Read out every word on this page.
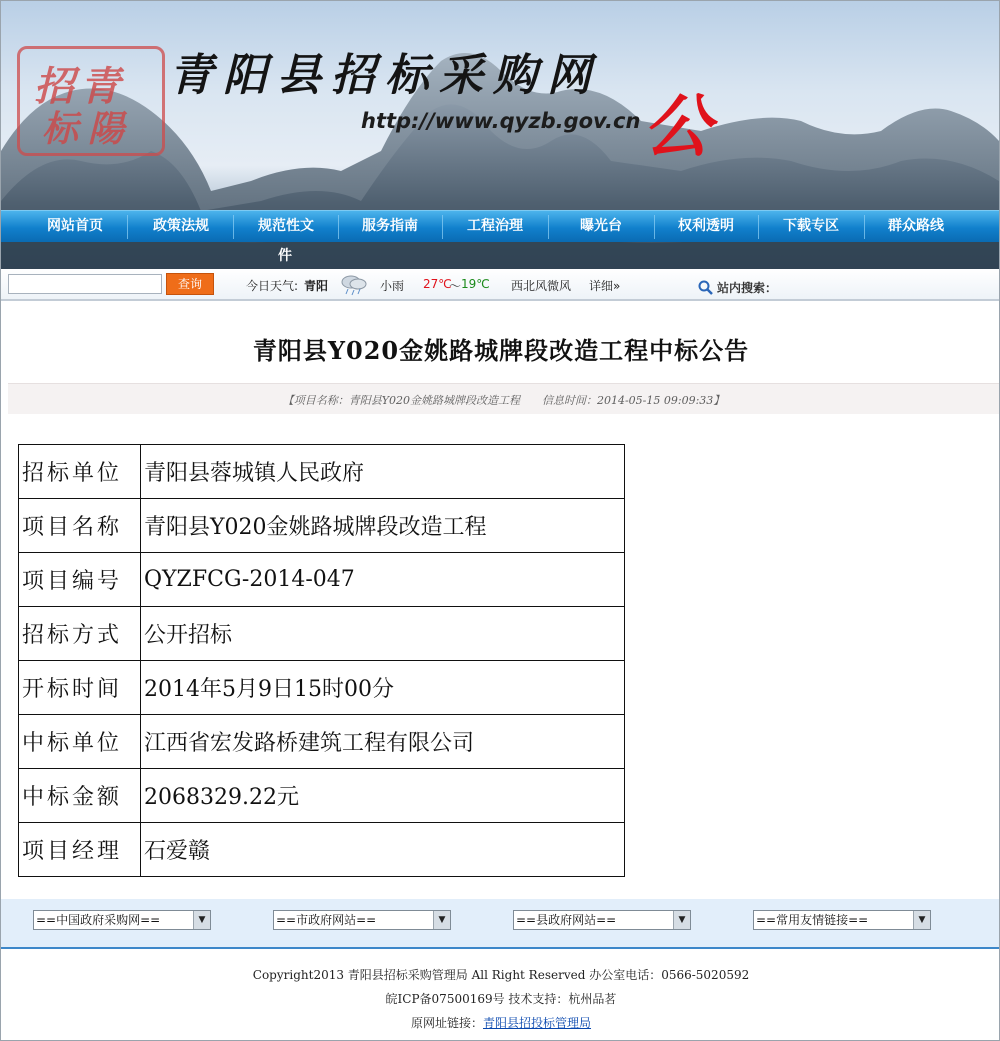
招青
标陽
青阳县招标采购网
http://www.qyzb.gov.cn 公
网站首页	政策法规	规范性文	服务指南	工程治理	曝光台	权利透明	下载专区	群众路线
件
查询	今日天气: 青阳	小雨 27℃
～ 19℃ 西北风微风 详细»	站内搜索：
青阳县Y020金姚路城牌段改造工程中标公告
【项目名称：青阳县Y020金姚路城牌段改造工程　　信息时间：2014-05-15 09:09:33】
招标单位	青阳县蓉城镇人民政府
项目名称	青阳县Y020金姚路城牌段改造工程
项目编号	QYZFCG-2014-047
招标方式	公开招标
开标时间	2014年5月9日15时00分
中标单位	江西省宏发路桥建筑工程有限公司
中标金额	2068329.22元
项目经理	石爱赣
==中国政府采购网==	▼	==市政府网站==	▼	==县政府网站==	▼	==常用友情链接==	▼
Copyright2013 青阳县招标采购管理局 All Right Reserved 办公室电话：0566-5020592
皖ICP备07500169号 技术支持：杭州品茗
原网址链接：青阳县招投标管理局
